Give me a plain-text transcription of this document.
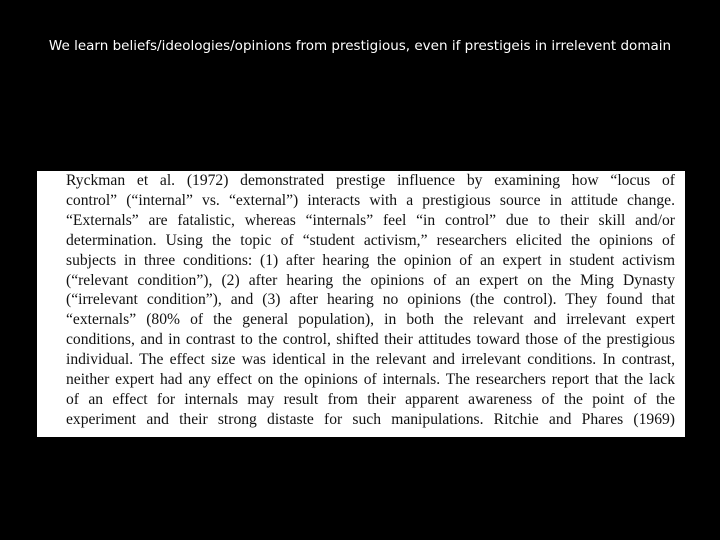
We learn beliefs/ideologies/opinions from prestigious, even if prestigeis in irrelevent domain

Ryckman et al. (1972) demonstrated prestige influence by examining how “locus of
control” (“internal” vs. “external”) interacts with a prestigious source in attitude change.
“Externals” are fatalistic, whereas “internals” feel “in control” due to their skill and/or
determination. Using the topic of “student activism,” researchers elicited the opinions of
subjects in three conditions: (1) after hearing the opinion of an expert in student activism
(“relevant condition”), (2) after hearing the opinions of an expert on the Ming Dynasty
(“irrelevant condition”), and (3) after hearing no opinions (the control). They found that
“externals” (80% of the general population), in both the relevant and irrelevant expert
conditions, and in contrast to the control, shifted their attitudes toward those of the prestigious
individual. The effect size was identical in the relevant and irrelevant conditions. In contrast,
neither expert had any effect on the opinions of internals. The researchers report that the lack
of an effect for internals may result from their apparent awareness of the point of the
experiment and their strong distaste for such manipulations. Ritchie and Phares (1969)
